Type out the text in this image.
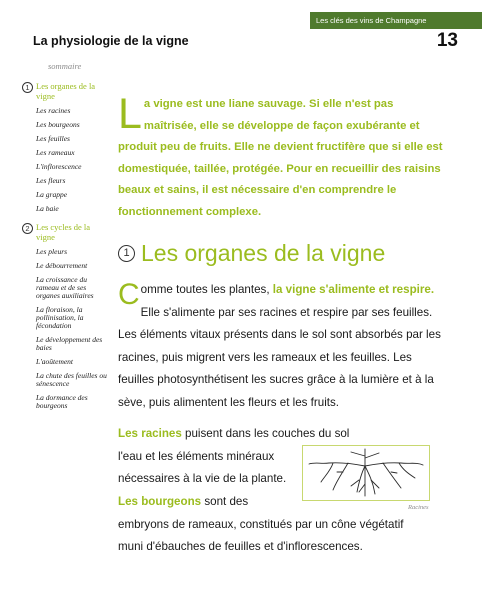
Les clés des vins de Champagne
La physiologie de la vigne	13
sommaire
1 Les organes de la vigne
Les racines
Les bourgeons
Les feuilles
Les rameaux
L'inflorescence
Les fleurs
La grappe
La baie
2 Les cycles de la vigne
Les pleurs
Le débourrement
La croissance du rameau et de ses organes auxiliaires
La floraison, la pollinisation, la fécondation
Le développement des baies
L'aoûtement
La chute des feuilles ou sénescence
La dormance des bourgeons
La vigne est une liane sauvage. Si elle n'est pas maîtrisée, elle se développe de façon exubérante et produit peu de fruits. Elle ne devient fructifère que si elle est domestiquée, taillée, protégée. Pour en recueillir des raisins beaux et sains, il est nécessaire d'en comprendre le fonctionnement complexe.
1 Les organes de la vigne
Comme toutes les plantes, la vigne s'alimente et respire. Elle s'alimente par ses racines et respire par ses feuilles. Les éléments vitaux présents dans le sol sont absorbés par les racines, puis migrent vers les rameaux et les feuilles. Les feuilles photosynthétisent les sucres grâce à la lumière et à la sève, puis alimentent les fleurs et les fruits.
Les racines puisent dans les couches du sol
l'eau et les éléments minéraux
nécessaires à la vie de la plante.
Racines
Les bourgeons sont des
embryons de rameaux, constitués par un cône végétatif
muni d'ébauches de feuilles et d'inflorescences.
